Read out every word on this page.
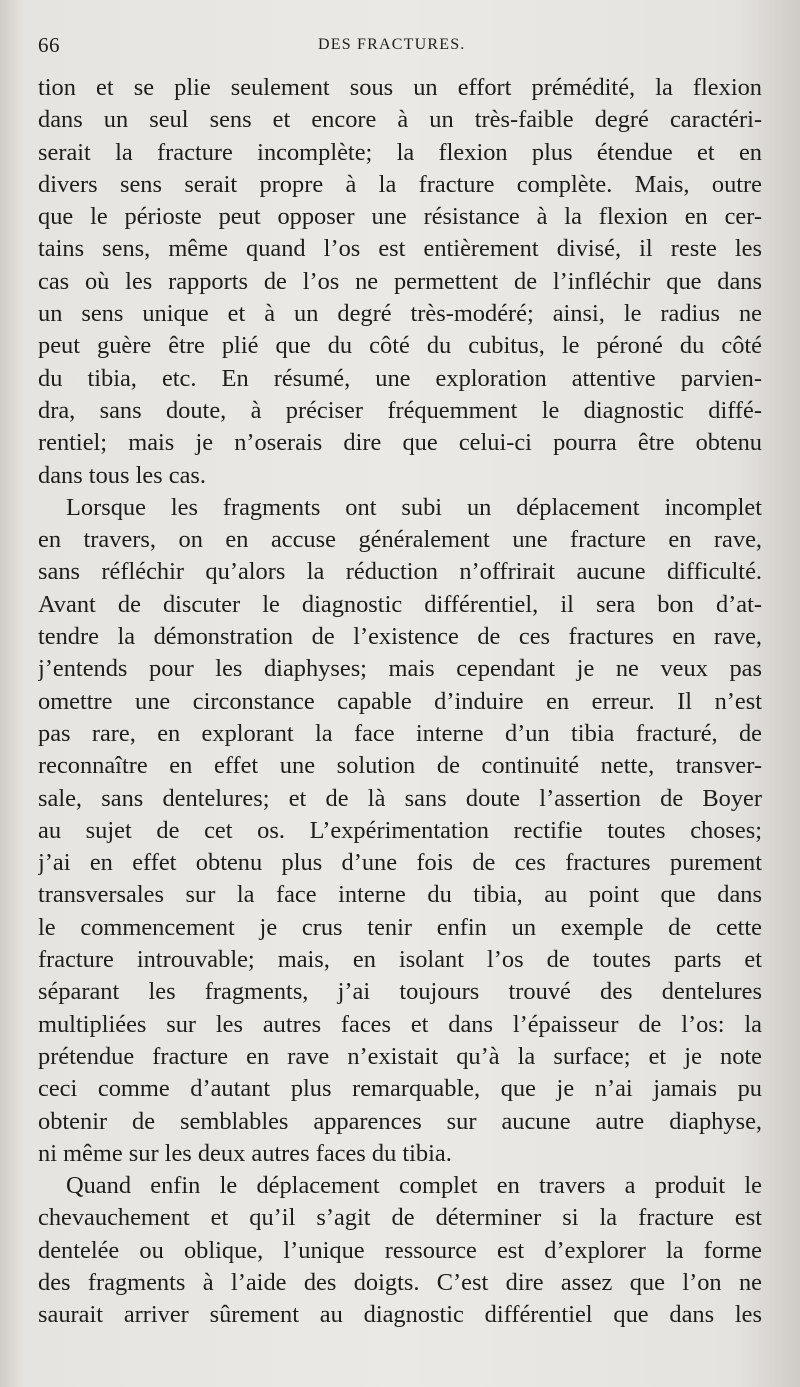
66	DES FRACTURES.
tion et se plie seulement sous un effort prémédité, la flexion
dans un seul sens et encore à un très-faible degré caractéri-
serait la fracture incomplète; la flexion plus étendue et en
divers sens serait propre à la fracture complète. Mais, outre
que le périoste peut opposer une résistance à la flexion en cer-
tains sens, même quand l’os est entièrement divisé, il reste les
cas où les rapports de l’os ne permettent de l’infléchir que dans
un sens unique et à un degré très-modéré; ainsi, le radius ne
peut guère être plié que du côté du cubitus, le péroné du côté
du tibia, etc. En résumé, une exploration attentive parvien-
dra, sans doute, à préciser fréquemment le diagnostic diffé-
rentiel; mais je n’oserais dire que celui-ci pourra être obtenu
dans tous les cas.
Lorsque les fragments ont subi un déplacement incomplet
en travers, on en accuse généralement une fracture en rave,
sans réfléchir qu’alors la réduction n’offrirait aucune difficulté.
Avant de discuter le diagnostic différentiel, il sera bon d’at-
tendre la démonstration de l’existence de ces fractures en rave,
j’entends pour les diaphyses; mais cependant je ne veux pas
omettre une circonstance capable d’induire en erreur. Il n’est
pas rare, en explorant la face interne d’un tibia fracturé, de
reconnaître en effet une solution de continuité nette, transver-
sale, sans dentelures; et de là sans doute l’assertion de Boyer
au sujet de cet os. L’expérimentation rectifie toutes choses;
j’ai en effet obtenu plus d’une fois de ces fractures purement
transversales sur la face interne du tibia, au point que dans
le commencement je crus tenir enfin un exemple de cette
fracture introuvable; mais, en isolant l’os de toutes parts et
séparant les fragments, j’ai toujours trouvé des dentelures
multipliées sur les autres faces et dans l’épaisseur de l’os: la
prétendue fracture en rave n’existait qu’à la surface; et je note
ceci comme d’autant plus remarquable, que je n’ai jamais pu
obtenir de semblables apparences sur aucune autre diaphyse,
ni même sur les deux autres faces du tibia.
Quand enfin le déplacement complet en travers a produit le
chevauchement et qu’il s’agit de déterminer si la fracture est
dentelée ou oblique, l’unique ressource est d’explorer la forme
des fragments à l’aide des doigts. C’est dire assez que l’on ne
saurait arriver sûrement au diagnostic différentiel que dans les
